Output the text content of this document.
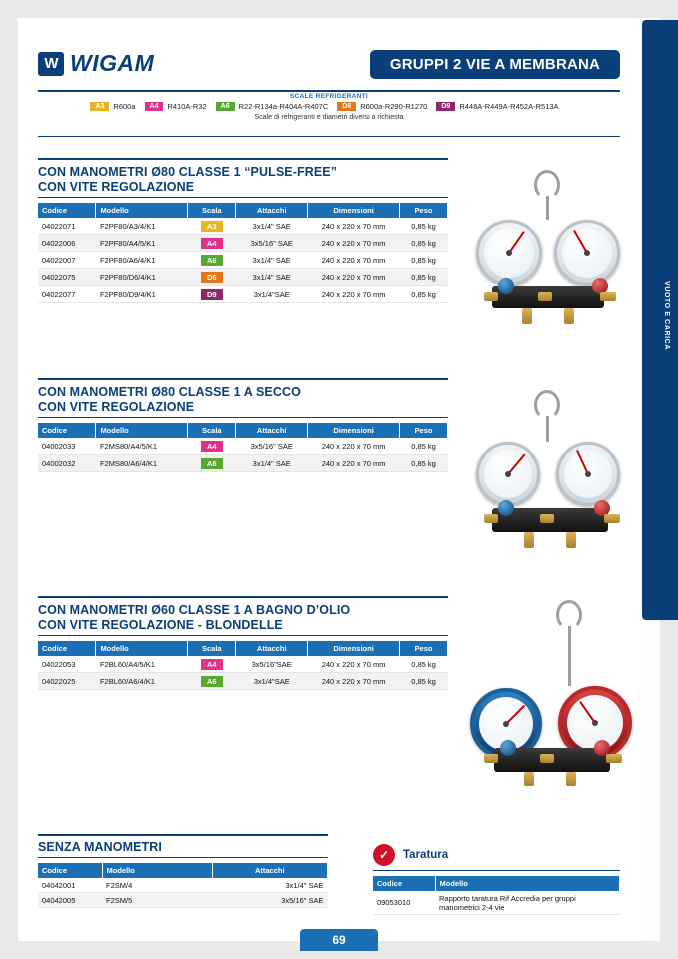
W WIGAM	GRUPPI 2 VIE A MEMBRANA
SCALE REFRIGERANTI
A3	R600a	A4	R410A-R32	A6	R22-R134a-R404A-R407C	D6	R600a-R290-R1270	D9	R448A-R449A-R452A-R513A
Scale di refrigeranti e diametri diversi a richiesta
CON MANOMETRI Ø80 CLASSE 1 “PULSE-FREE”
CON VITE REGOLAZIONE
Codice	Modello	Scala	Attacchi	Dimensioni	Peso
04022071	F2PF80/A3/4/K1	A3	3x1/4" SAE	240 x 220 x 70 mm	0,85 kg
04022006	F2PF80/A4/5/K1	A4	3x5/16" SAE	240 x 220 x 70 mm	0,85 kg
04022007	F2PF80/A6/4/K1	A6	3x1/4" SAE	240 x 220 x 70 mm	0,85 kg
04022075	F2PF80/D6/4/K1	D6	3x1/4" SAE	240 x 220 x 70 mm	0,85 kg
04022077	F2PF80/D9/4/K1	D9	3x1/4"SAE	240 x 220 x 70 mm	0,85 kg
CON MANOMETRI Ø80 CLASSE 1 A SECCO
CON VITE REGOLAZIONE
Codice	Modello	Scala	Attacchi	Dimensioni	Peso
04002033	F2MS80/A4/5/K1	A4	3x5/16" SAE	240 x 220 x 70 mm	0,85 kg
04002032	F2MS80/A6/4/K1	A6	3x1/4" SAE	240 x 220 x 70 mm	0,85 kg
CON MANOMETRI Ø60 CLASSE 1 A BAGNO D’OLIO
CON VITE REGOLAZIONE - BLONDELLE
Codice	Modello	Scala	Attacchi	Dimensioni	Peso
04022053	F2BL60/A4/5/K1	A4	3x5/16"SAE	240 x 220 x 70 mm	0,85 kg
04022025	F2BL60/A6/4/K1	A6	3x1/4"SAE	240 x 220 x 70 mm	0,85 kg
SENZA MANOMETRI
Codice	Modello	Attacchi
04042001	F2SM/4	3x1/4" SAE
04042005	F2SM/5	3x5/16" SAE
✓	Taratura
Codice	Modello
09053010	Rapporto taratura Rif Accredia per gruppi manometrici 2-4 vie
VUOTO E CARICA
69
